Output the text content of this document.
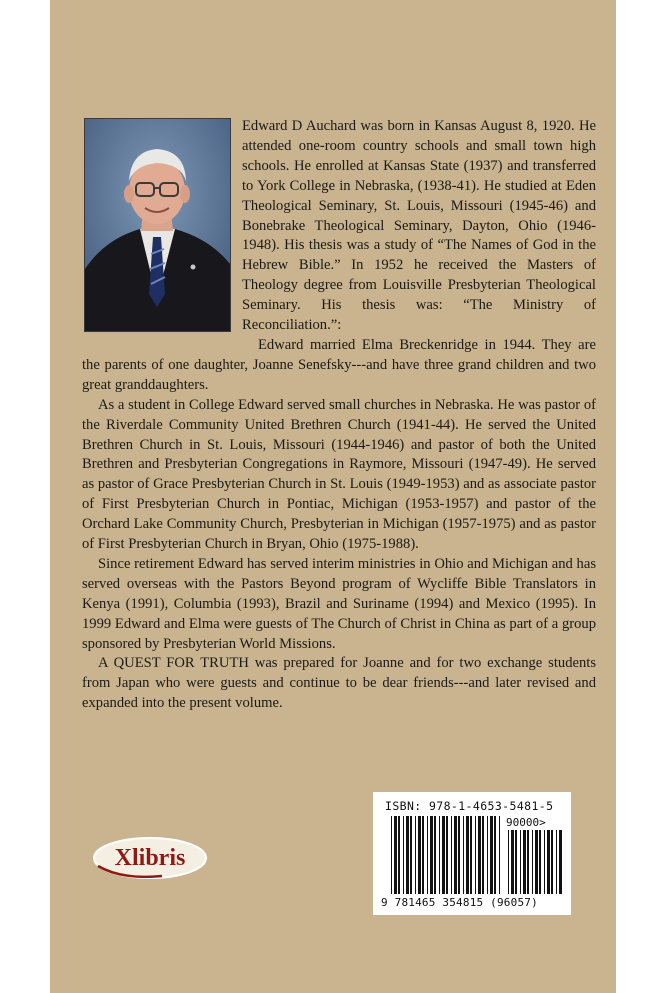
Edward D Auchard was born in Kansas August 8, 1920. He attended one-room country schools and small town high schools. He enrolled at Kansas State (1937) and transferred to York College in Nebraska, (1938-41). He studied at Eden Theological Seminary, St. Louis, Missouri (1945-46) and Bonebrake Theological Seminary, Dayton, Ohio (1946-1948). His thesis was a study of “The Names of God in the Hebrew Bible.” In 1952 he received the Masters of Theology degree from Louisville Presbyterian Theological Seminary. His thesis was: “The Ministry of Reconciliation.”:

Edward married Elma Breckenridge in 1944. They are the parents of one daughter, Joanne Senefsky---and have three grand children and two great granddaughters.

As a student in College Edward served small churches in Nebraska. He was pastor of the Riverdale Community United Brethren Church (1941-44). He served the United Brethren Church in St. Louis, Missouri (1944-1946) and pastor of both the United Brethren and Presbyterian Congregations in Raymore, Missouri (1947-49). He served as pastor of Grace Presbyterian Church in St. Louis (1949-1953) and as associate pastor of First Presbyterian Church in Pontiac, Michigan (1953-1957) and pastor of the Orchard Lake Community Church, Presbyterian in Michigan (1957-1975) and as pastor of First Presbyterian Church in Bryan, Ohio (1975-1988).

Since retirement Edward has served interim ministries in Ohio and Michigan and has served overseas with the Pastors Beyond program of Wycliffe Bible Translators in Kenya (1991), Columbia (1993), Brazil and Suriname (1994) and Mexico (1995). In 1999 Edward and Elma were guests of The Church of Christ in China as part of a group sponsored by Presbyterian World Missions.

A QUEST FOR TRUTH was prepared for Joanne and for two exchange students from Japan who were guests and continue to be dear friends---and later revised and expanded into the present volume.

Xlibris
ISBN: 978-1-4653-5481-5
90000>
9 781465 354815 (96057)
